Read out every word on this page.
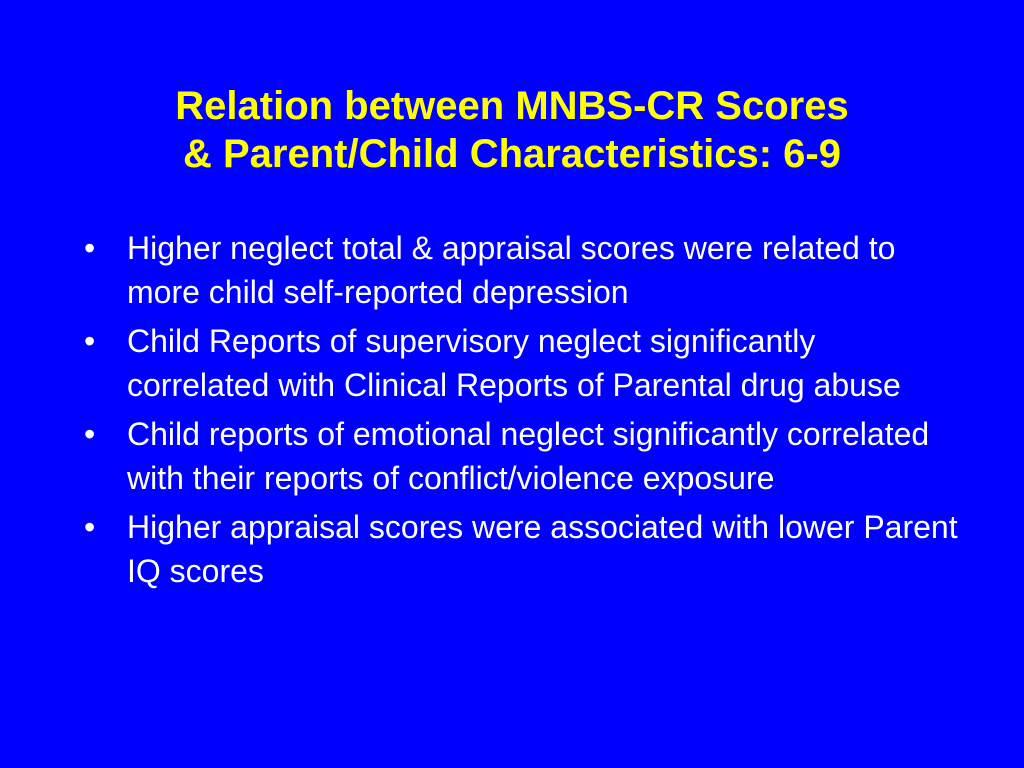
Relation between MNBS-CR Scores
& Parent/Child Characteristics: 6-9
• Higher neglect total & appraisal scores were related to more child self-reported depression
• Child Reports of supervisory neglect significantly correlated with Clinical Reports of Parental drug abuse
• Child reports of emotional neglect significantly correlated with their reports of conflict/violence exposure
• Higher appraisal scores were associated with lower Parent IQ scores
